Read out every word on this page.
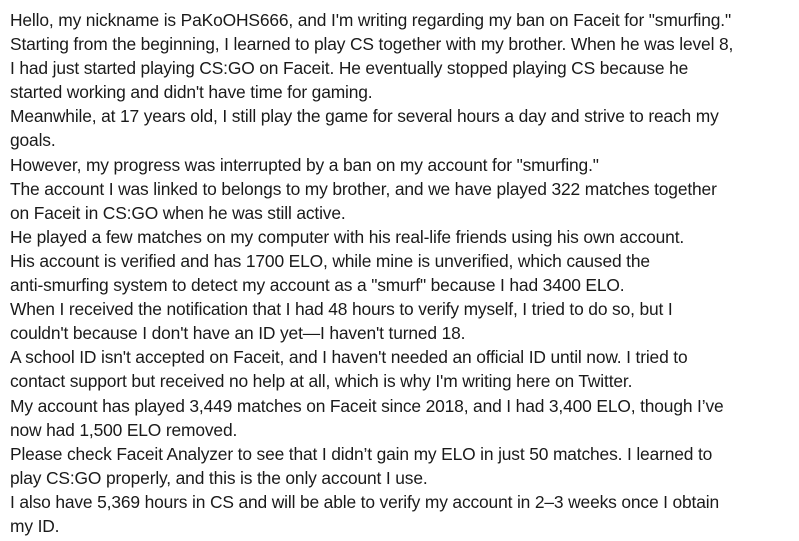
Hello, my nickname is PaKoOHS666, and I'm writing regarding my ban on Faceit for "smurfing."
Starting from the beginning, I learned to play CS together with my brother. When he was level 8,
I had just started playing CS:GO on Faceit. He eventually stopped playing CS because he
started working and didn't have time for gaming.
Meanwhile, at 17 years old, I still play the game for several hours a day and strive to reach my
goals.
However, my progress was interrupted by a ban on my account for "smurfing."
The account I was linked to belongs to my brother, and we have played 322 matches together
on Faceit in CS:GO when he was still active.
He played a few matches on my computer with his real-life friends using his own account.
His account is verified and has 1700 ELO, while mine is unverified, which caused the
anti-smurfing system to detect my account as a "smurf" because I had 3400 ELO.
When I received the notification that I had 48 hours to verify myself, I tried to do so, but I
couldn't because I don't have an ID yet—I haven't turned 18.
A school ID isn't accepted on Faceit, and I haven't needed an official ID until now. I tried to
contact support but received no help at all, which is why I'm writing here on Twitter.
My account has played 3,449 matches on Faceit since 2018, and I had 3,400 ELO, though I’ve
now had 1,500 ELO removed.
Please check Faceit Analyzer to see that I didn’t gain my ELO in just 50 matches. I learned to
play CS:GO properly, and this is the only account I use.
I also have 5,369 hours in CS and will be able to verify my account in 2–3 weeks once I obtain
my ID.
